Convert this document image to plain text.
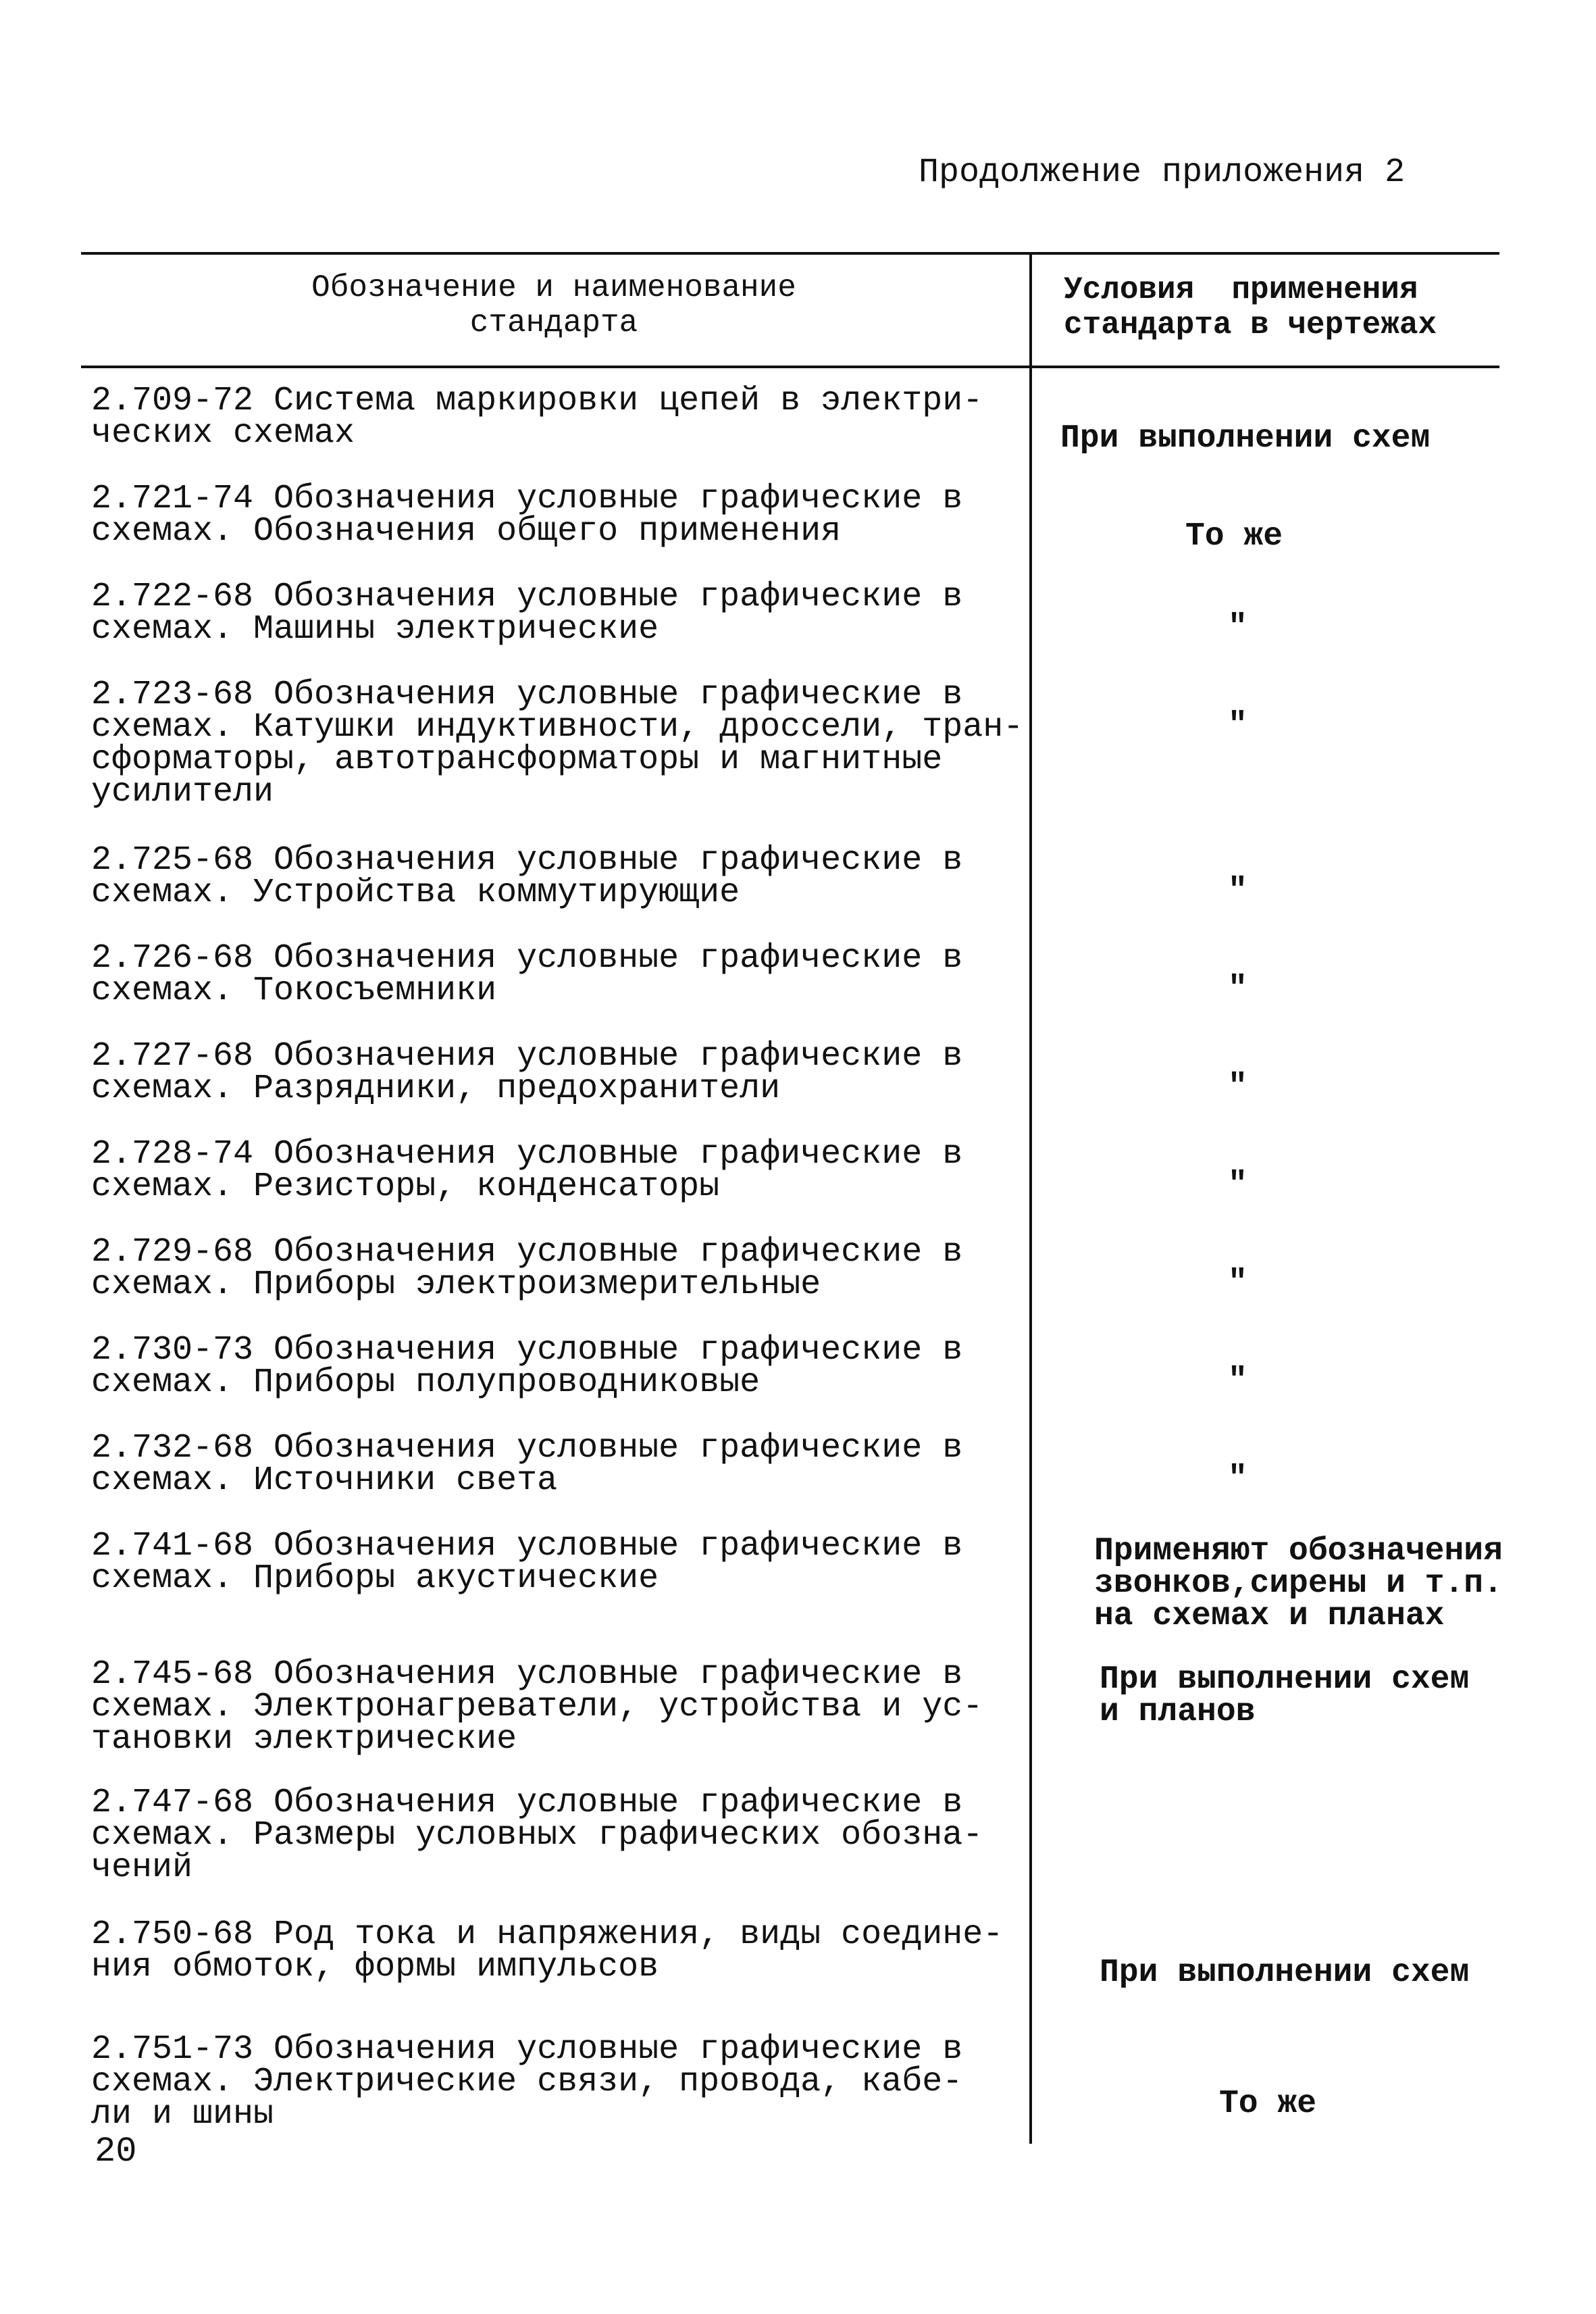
Продолжение приложения 2
Обозначение и наименование
стандарта
Условия  применения
стандарта в чертежах
2.709-72 Система маркировки цепей в электри-
ческих схемах
2.721-74 Обозначения условные графические в
схемах. Обозначения общего применения
2.722-68 Обозначения условные графические в
схемах. Машины электрические
2.723-68 Обозначения условные графические в
схемах. Катушки индуктивности, дроссели, тран-
сформаторы, автотрансформаторы и магнитные
усилители
2.725-68 Обозначения условные графические в
схемах. Устройства коммутирующие
2.726-68 Обозначения условные графические в
схемах. Токосъемники
2.727-68 Обозначения условные графические в
схемах. Разрядники, предохранители
2.728-74 Обозначения условные графические в
схемах. Резисторы, конденсаторы
2.729-68 Обозначения условные графические в
схемах. Приборы электроизмерительные
2.730-73 Обозначения условные графические в
схемах. Приборы полупроводниковые
2.732-68 Обозначения условные графические в
схемах. Источники света
2.741-68 Обозначения условные графические в
схемах. Приборы акустические
2.745-68 Обозначения условные графические в
схемах. Электронагреватели, устройства и ус-
тановки электрические
2.747-68 Обозначения условные графические в
схемах. Размеры условных графических обозна-
чений
2.750-68 Род тока и напряжения, виды соедине-
ния обмоток, формы импульсов
2.751-73 Обозначения условные графические в
схемах. Электрические связи, провода, кабе-
ли и шины
При выполнении схем
То же
"
"
"
"
"
"
"
"
"
Применяют обозначения
звонков,сирены и т.п.
на схемах и планах
При выполнении схем
и планов
При выполнении схем
То же
20
